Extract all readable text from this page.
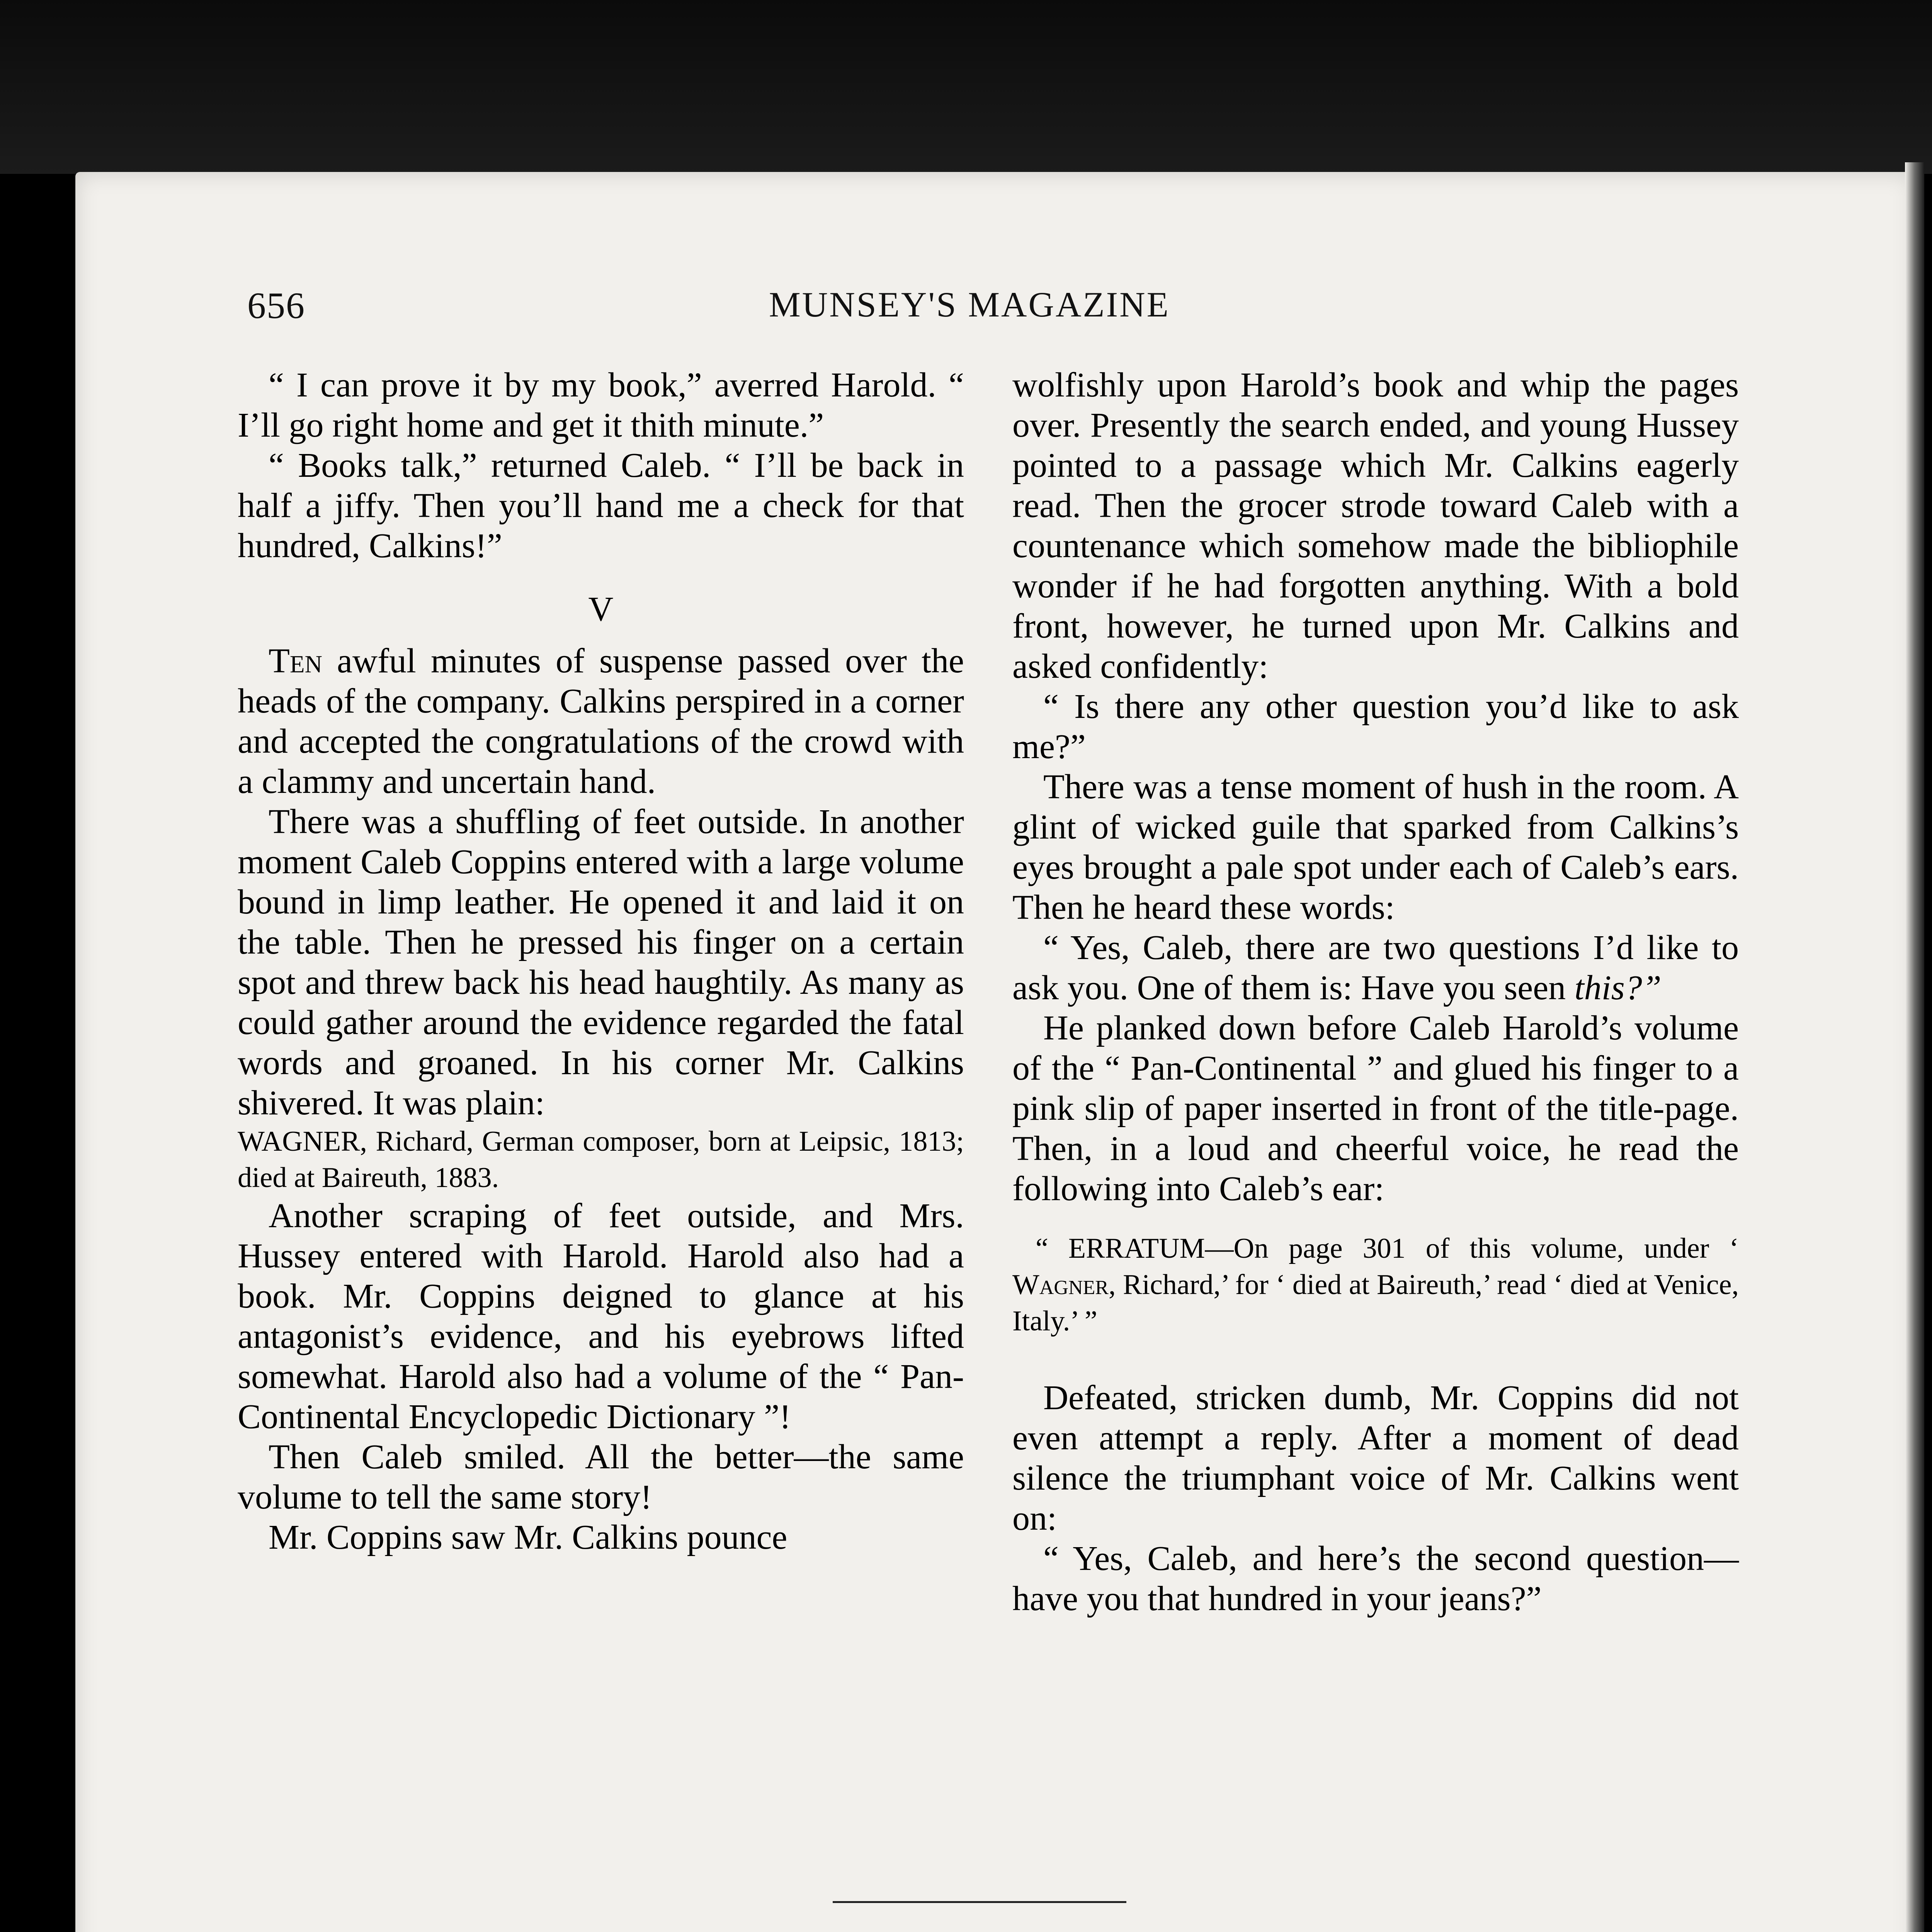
656	MUNSEY'S MAGAZINE

“ I can prove it by my book,” averred Harold. “ I’ll go right home and get it thith minute.”

“ Books talk,” returned Caleb. “ I’ll be back in half a jiffy. Then you’ll hand me a check for that hundred, Calkins!”

V

Ten awful minutes of suspense passed over the heads of the company. Calkins perspired in a corner and accepted the congratulations of the crowd with a clammy and uncertain hand.

There was a shuffling of feet outside. In another moment Caleb Coppins entered with a large volume bound in limp leather. He opened it and laid it on the table. Then he pressed his finger on a certain spot and threw back his head haughtily. As many as could gather around the evidence regarded the fatal words and groaned. In his corner Mr. Calkins shivered. It was plain:

WAGNER, Richard, German composer, born at Leipsic, 1813; died at Baireuth, 1883.

Another scraping of feet outside, and Mrs. Hussey entered with Harold. Harold also had a book. Mr. Coppins deigned to glance at his antagonist’s evidence, and his eyebrows lifted somewhat. Harold also had a volume of the “ Pan-Continental Encyclopedic Dictionary ”!

Then Caleb smiled. All the better—the same volume to tell the same story!

Mr. Coppins saw Mr. Calkins pounce

wolfishly upon Harold’s book and whip the pages over. Presently the search ended, and young Hussey pointed to a passage which Mr. Calkins eagerly read. Then the grocer strode toward Caleb with a countenance which somehow made the bibliophile wonder if he had forgotten anything. With a bold front, however, he turned upon Mr. Calkins and asked confidently:

“ Is there any other question you’d like to ask me?”

There was a tense moment of hush in the room. A glint of wicked guile that sparked from Calkins’s eyes brought a pale spot under each of Caleb’s ears. Then he heard these words:

“ Yes, Caleb, there are two questions I’d like to ask you. One of them is: Have you seen this?”

He planked down before Caleb Harold’s volume of the “ Pan-Continental ” and glued his finger to a pink slip of paper inserted in front of the title-page. Then, in a loud and cheerful voice, he read the following into Caleb’s ear:

“ ERRATUM—On page 301 of this volume, under ‘ Wagner, Richard,’ for ‘ died at Baireuth,’ read ‘ died at Venice, Italy.’ ”

Defeated, stricken dumb, Mr. Coppins did not even attempt a reply. After a moment of dead silence the triumphant voice of Mr. Calkins went on:

“ Yes, Caleb, and here’s the second question—have you that hundred in your jeans?”
